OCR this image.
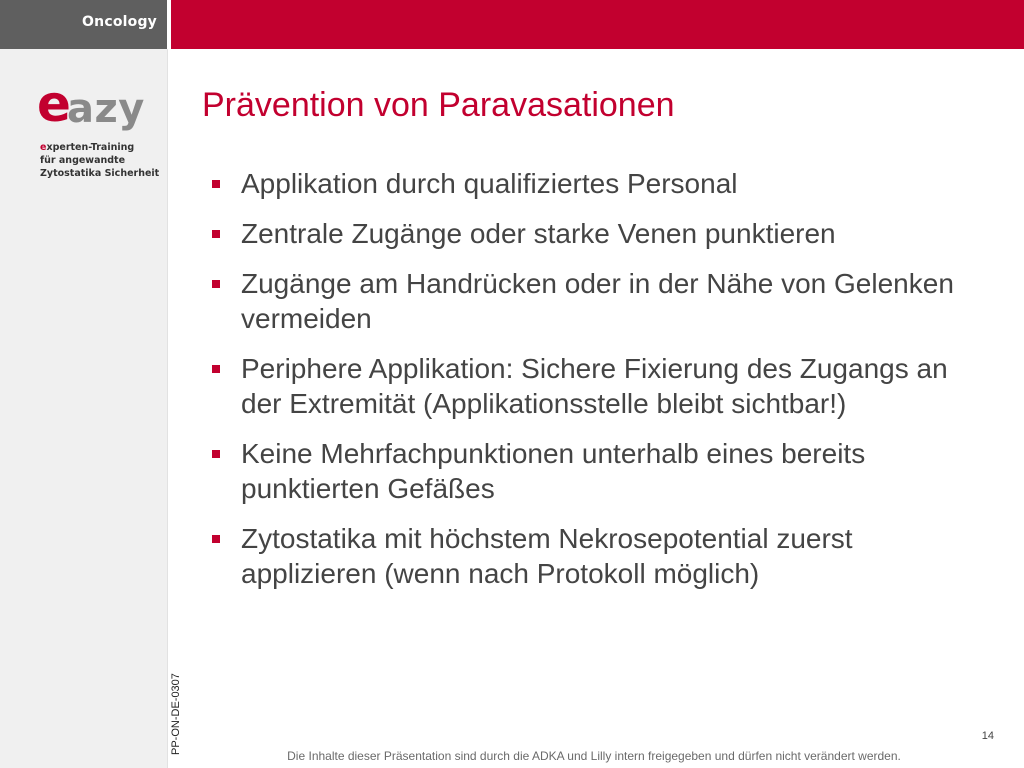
Oncology
e
azy
experten-Training
für angewandte
Zytostatika Sicherheit
PP-ON-DE-0307
Prävention von Paravasationen
Applikation durch qualifiziertes Personal
Zentrale Zugänge oder starke Venen punktieren
Zugänge am Handrücken oder in der Nähe von Gelenken vermeiden
Periphere Applikation: Sichere Fixierung des Zugangs an der Extremität (Applikationsstelle bleibt sichtbar!)
Keine Mehrfachpunktionen unterhalb eines bereits punktierten Gefäßes
Zytostatika mit höchstem Nekrosepotential zuerst applizieren (wenn nach Protokoll möglich)
14
Die Inhalte dieser Präsentation sind durch die ADKA und Lilly intern freigegeben und dürfen nicht verändert werden.
